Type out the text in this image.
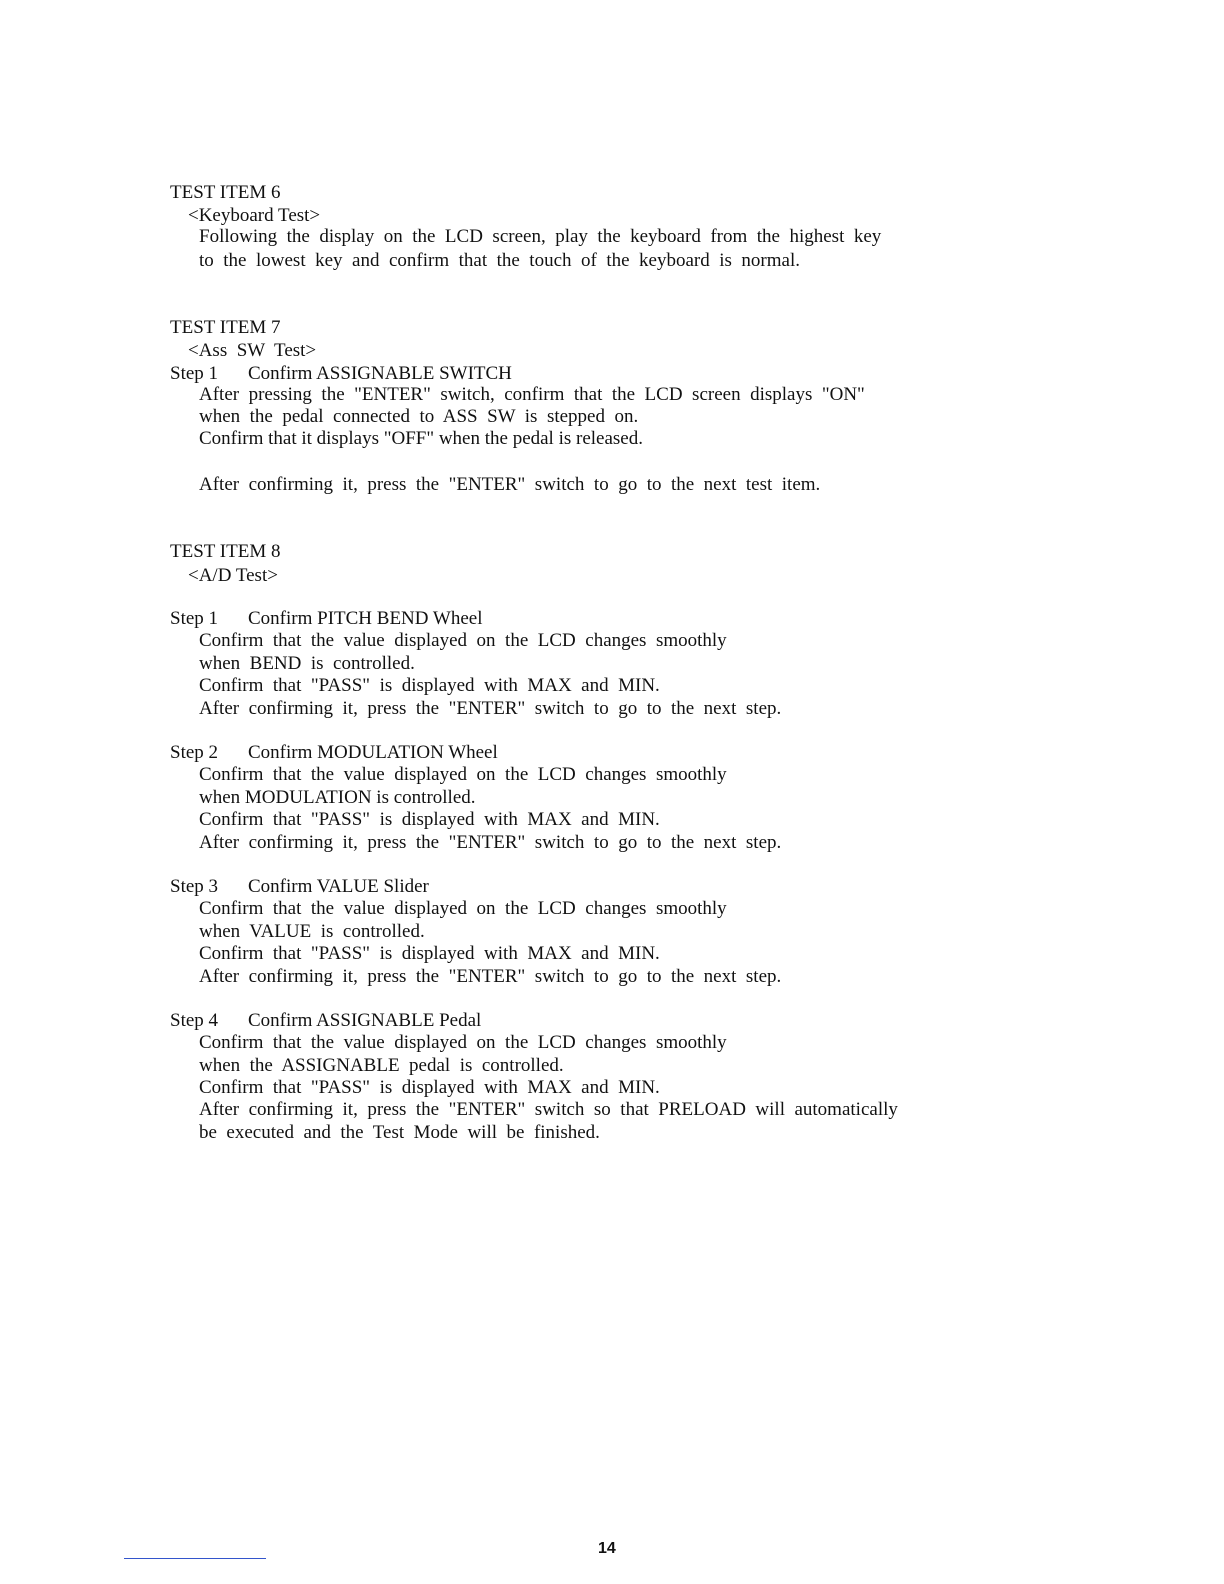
TEST ITEM 6
<Keyboard Test>
Following  the  display  on  the  LCD  screen,  play  the  keyboard  from  the  highest  key
to  the  lowest  key  and  confirm  that  the  touch  of  the  keyboard  is  normal.
TEST ITEM 7
<Ass  SW  Test>
Step 1 Confirm ASSIGNABLE SWITCH
After  pressing  the  "ENTER"  switch,  confirm  that  the  LCD  screen  displays  "ON"
when  the  pedal  connected  to  ASS  SW  is  stepped  on.
Confirm that it displays "OFF" when the pedal is released.
After  confirming  it,  press  the  "ENTER"  switch  to  go  to  the  next  test  item.
TEST ITEM 8
<A/D Test>
Step 1 Confirm PITCH BEND Wheel
Confirm  that  the  value  displayed  on  the  LCD  changes  smoothly
when  BEND  is  controlled.
Confirm  that  "PASS"  is  displayed  with  MAX  and  MIN.
After  confirming  it,  press  the  "ENTER"  switch  to  go  to  the  next  step.
Step 2 Confirm MODULATION Wheel
Confirm  that  the  value  displayed  on  the  LCD  changes  smoothly
when MODULATION is controlled.
Confirm  that  "PASS"  is  displayed  with  MAX  and  MIN.
After  confirming  it,  press  the  "ENTER"  switch  to  go  to  the  next  step.
Step 3 Confirm VALUE Slider
Confirm  that  the  value  displayed  on  the  LCD  changes  smoothly
when  VALUE  is  controlled.
Confirm  that  "PASS"  is  displayed  with  MAX  and  MIN.
After  confirming  it,  press  the  "ENTER"  switch  to  go  to  the  next  step.
Step 4 Confirm ASSIGNABLE Pedal
Confirm  that  the  value  displayed  on  the  LCD  changes  smoothly
when  the  ASSIGNABLE  pedal  is  controlled.
Confirm  that  "PASS"  is  displayed  with  MAX  and  MIN.
After  confirming  it,  press  the  "ENTER"  switch  so  that  PRELOAD  will  automatically
be  executed  and  the  Test  Mode  will  be  finished.
14
